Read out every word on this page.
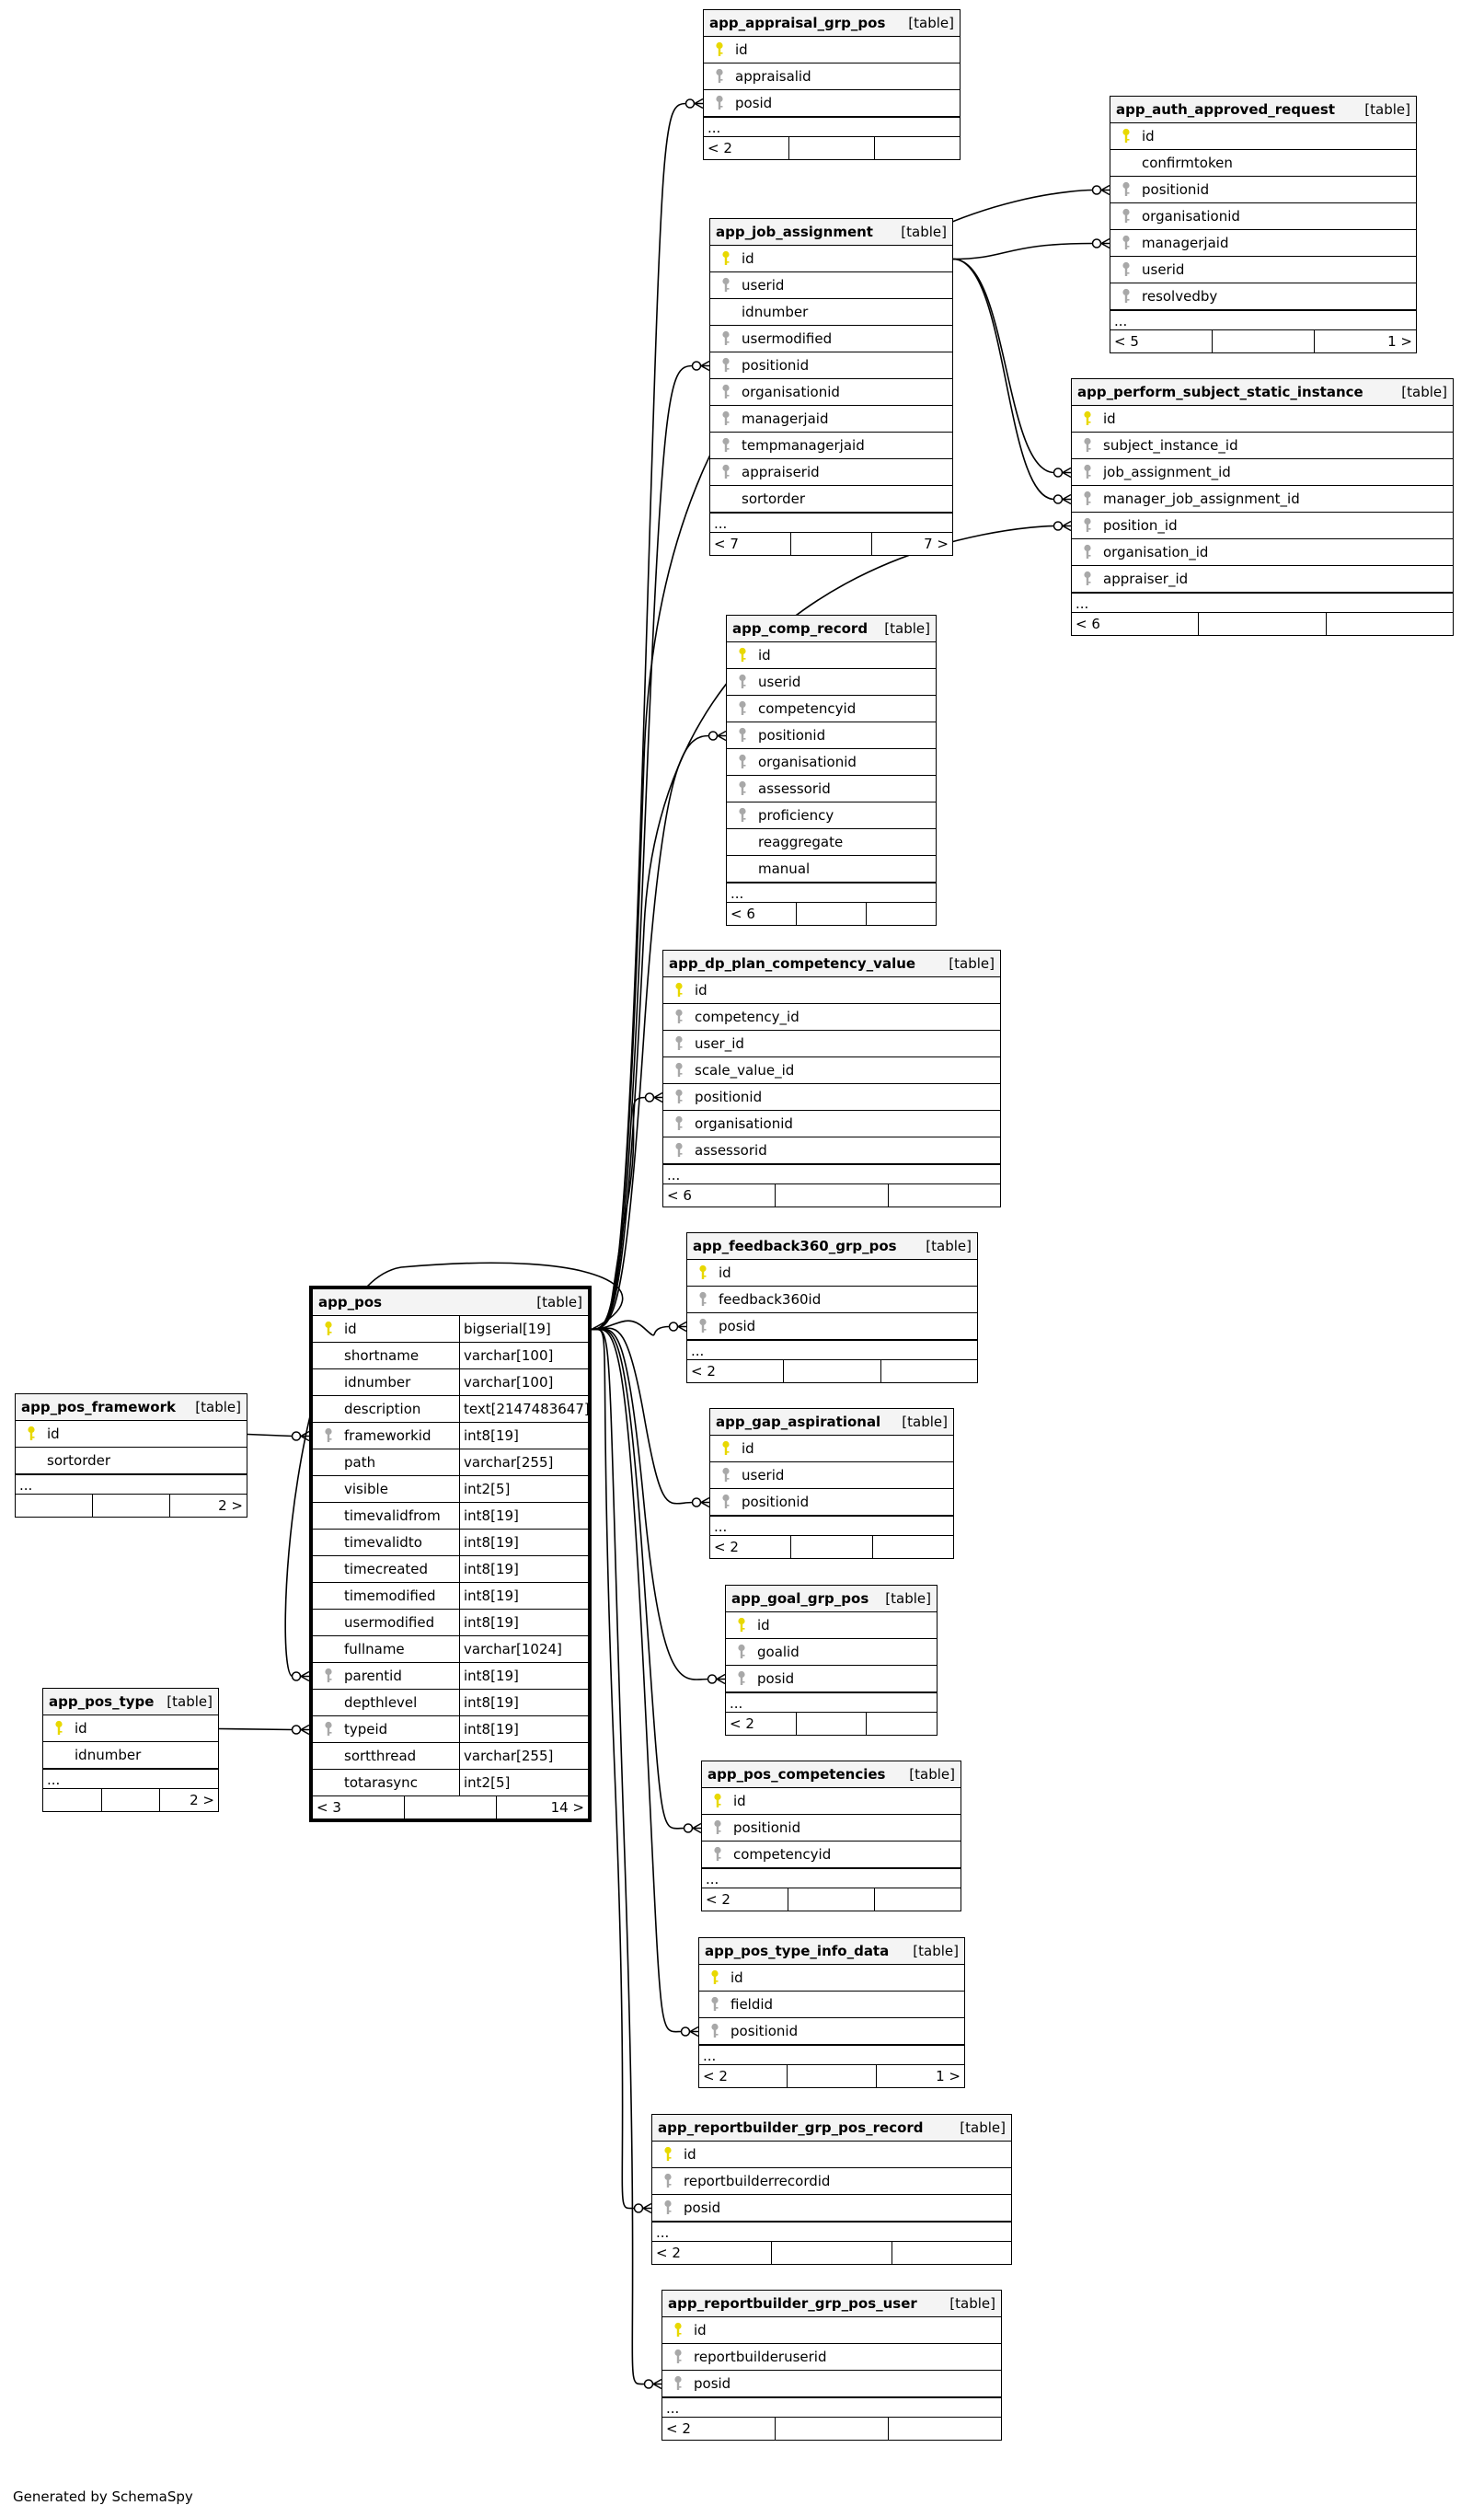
app_appraisal_grp_pos [table]
id
appraisalid
posid
...
< 2
app_auth_approved_request [table]
id
confirmtoken
positionid
organisationid
managerjaid
userid
resolvedby
...
< 5	1 >
app_job_assignment [table]
id
userid
idnumber
usermodified
positionid
organisationid
managerjaid
tempmanagerjaid
appraiserid
sortorder
...
< 7	7 >
app_perform_subject_static_instance	[table]
id
subject_instance_id
job_assignment_id
manager_job_assignment_id
position_id
organisation_id
appraiser_id
...
< 6
app_comp_record [table]
id
userid
competencyid
positionid
organisationid
assessorid
proficiency
reaggregate
manual
...
< 6
app_dp_plan_competency_value [table]
id
competency_id
user_id
scale_value_id
positionid
organisationid
assessorid
...
< 6
app_feedback360_grp_pos [table]
id
feedback360id
posid
...
< 2
app_gap_aspirational [table]
id
userid
positionid
...
< 2
app_goal_grp_pos [table]
id
goalid
posid
...
< 2
app_pos_competencies [table]
id
positionid
competencyid
...
< 2
app_pos_type_info_data [table]
id
fieldid
positionid
...
< 2	1 >
app_reportbuilder_grp_pos_record	[table]
id
reportbuilderrecordid
posid
...
< 2
app_reportbuilder_grp_pos_user [table]
id
reportbuilderuserid
posid
...
< 2
app_pos_framework [table]
id
sortorder
...
2 >
app_pos_type [table]
id
idnumber
...
2 >
app_pos	[table]
id	bigserial[19]
shortname	varchar[100]
idnumber	varchar[100]
description	text[2147483647]
frameworkid	int8[19]
path	varchar[255]
visible	int2[5]
timevalidfrom	int8[19]
timevalidto	int8[19]
timecreated	int8[19]
timemodified	int8[19]
usermodified	int8[19]
fullname	varchar[1024]
parentid	int8[19]
depthlevel	int8[19]
typeid	int8[19]
sortthread	varchar[255]
totarasync	int2[5]
< 3	14 >
Generated by SchemaSpy
